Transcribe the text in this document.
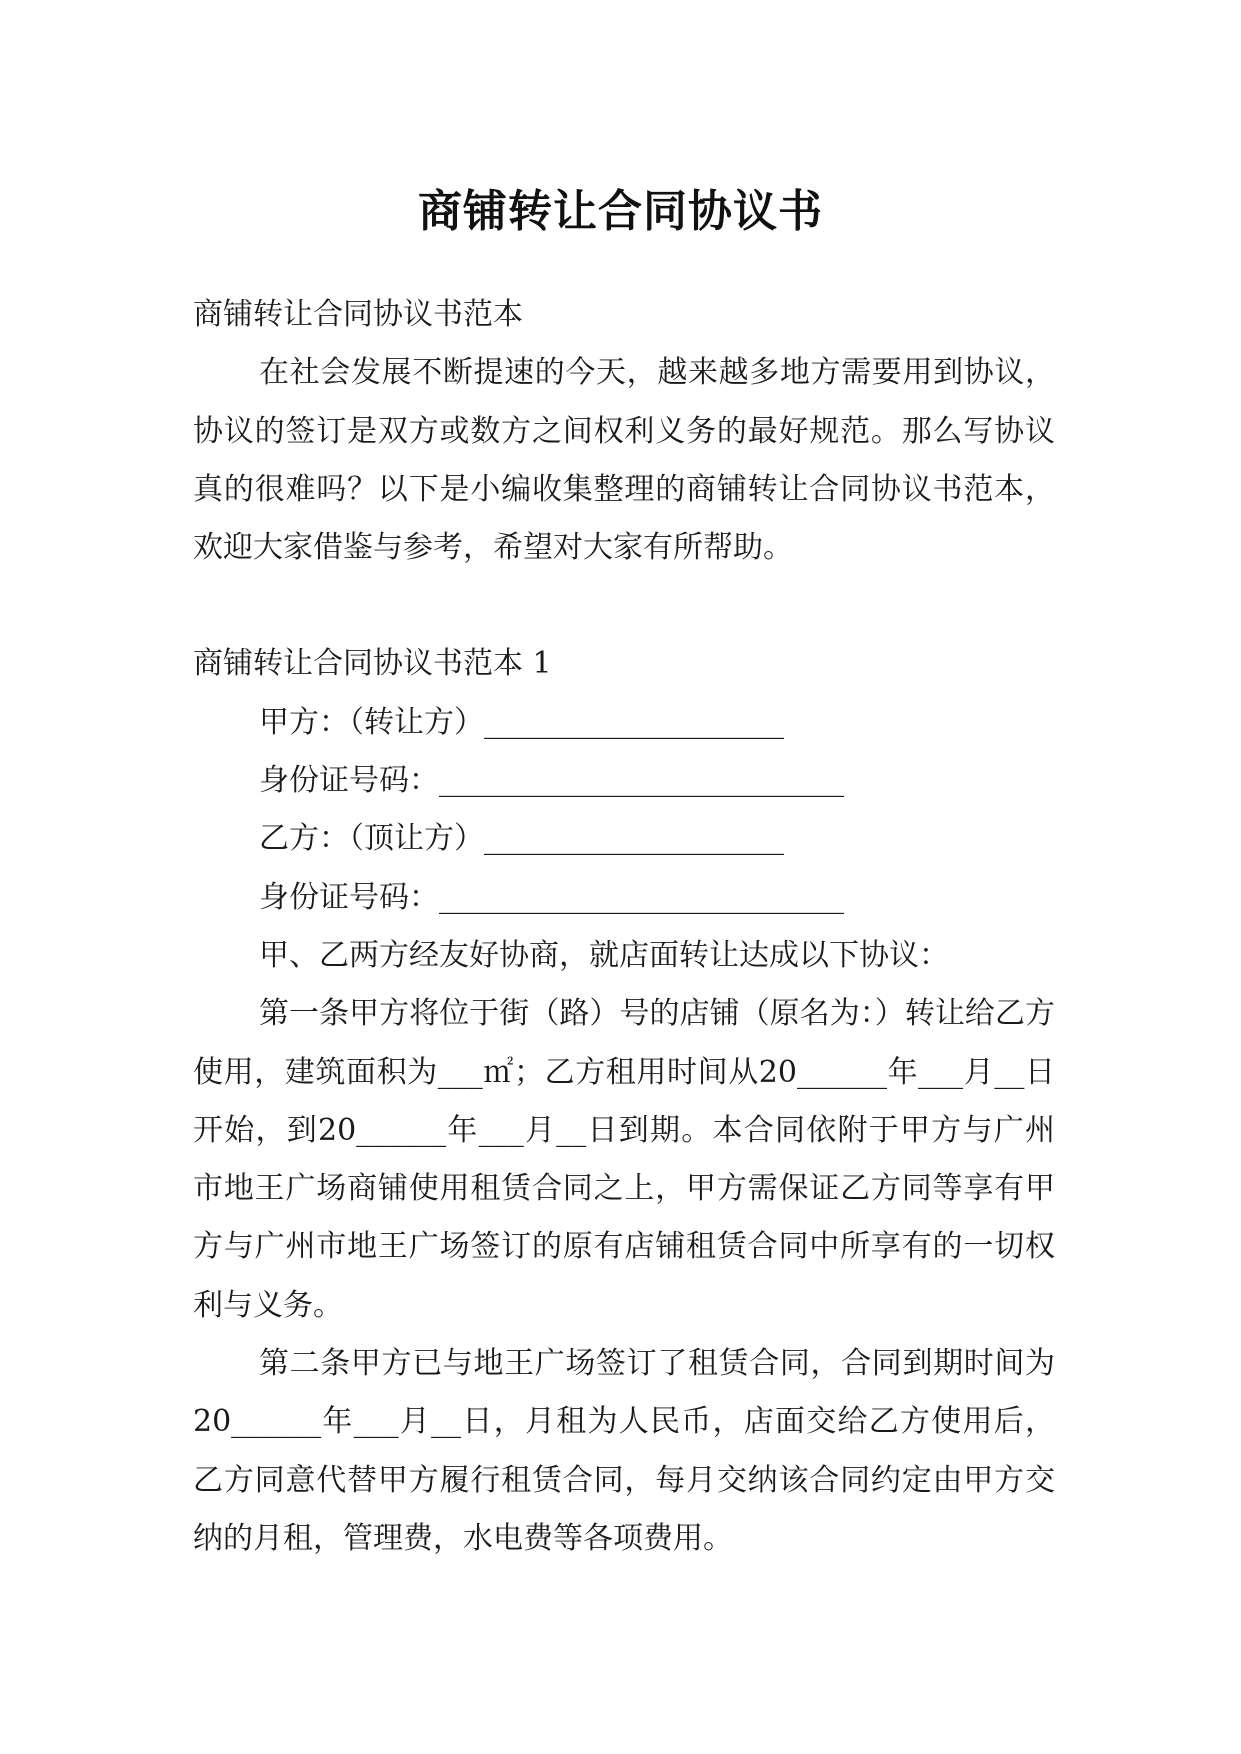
商铺转让合同协议书

商铺转让合同协议书范本

在社会发展不断提速的今天，越来越多地方需要用到协议，协议的签订是双方或数方之间权利义务的最好规范。那么写协议真的很难吗？以下是小编收集整理的商铺转让合同协议书范本，欢迎大家借鉴与参考，希望对大家有所帮助。

商铺转让合同协议书范本 1

甲方：（转让方）____________________

身份证号码：___________________________

乙方：（顶让方）____________________

身份证号码：___________________________

甲、乙两方经友好协商，就店面转让达成以下协议：

第一条甲方将位于街（路）号的店铺（原名为：）转让给乙方使用，建筑面积为___㎡；乙方租用时间从20______年___月__日开始，到20______年___月__日到期。本合同依附于甲方与广州市地王广场商铺使用租赁合同之上，甲方需保证乙方同等享有甲方与广州市地王广场签订的原有店铺租赁合同中所享有的一切权利与义务。

第二条甲方已与地王广场签订了租赁合同，合同到期时间为20______年___月__日，月租为人民币，店面交给乙方使用后，乙方同意代替甲方履行租赁合同，每月交纳该合同约定由甲方交纳的月租，管理费，水电费等各项费用。
